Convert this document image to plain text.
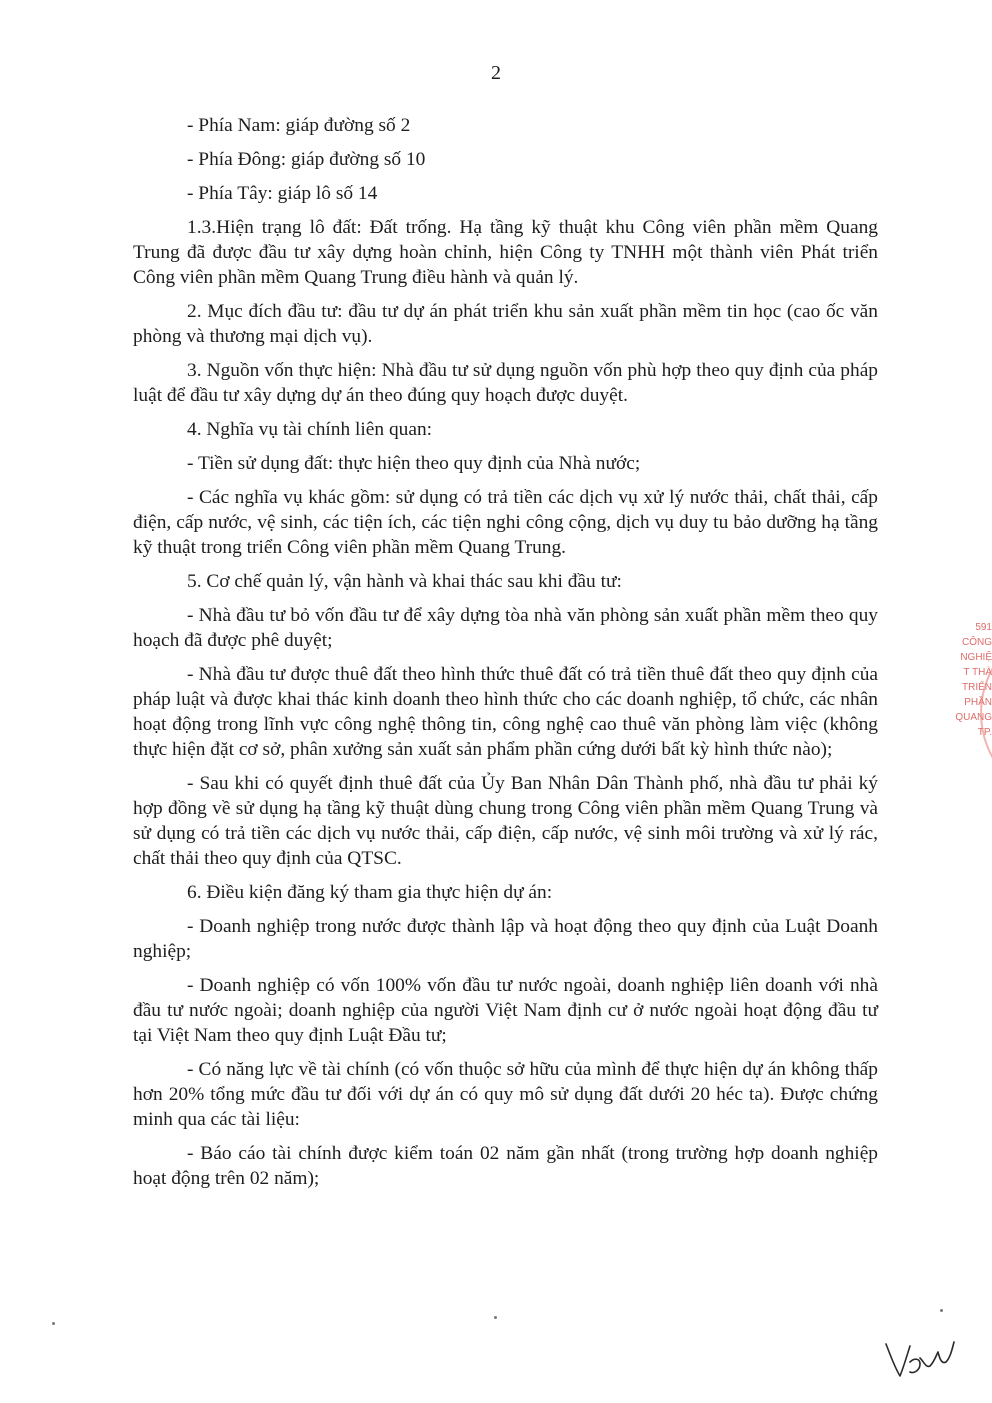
2

- Phía Nam: giáp đường số 2

- Phía Đông: giáp đường số 10

- Phía Tây: giáp lô số 14

1.3.Hiện trạng lô đất: Đất trống. Hạ tầng kỹ thuật khu Công viên phần mềm Quang Trung đã được đầu tư xây dựng hoàn chỉnh, hiện Công ty TNHH một thành viên Phát triển Công viên phần mềm Quang Trung điều hành và quản lý.

2. Mục đích đầu tư: đầu tư dự án phát triển khu sản xuất phần mềm tin học (cao ốc văn phòng và thương mại dịch vụ).

3. Nguồn vốn thực hiện: Nhà đầu tư sử dụng nguồn vốn phù hợp theo quy định của pháp luật để đầu tư xây dựng dự án theo đúng quy hoạch được duyệt.

4. Nghĩa vụ tài chính liên quan:

- Tiền sử dụng đất: thực hiện theo quy định của Nhà nước;

- Các nghĩa vụ khác gồm: sử dụng có trả tiền các dịch vụ xử lý nước thải, chất thải, cấp điện, cấp nước, vệ sinh, các tiện ích, các tiện nghi công cộng, dịch vụ duy tu bảo dưỡng hạ tầng kỹ thuật trong triển Công viên phần mềm Quang Trung.

5. Cơ chế quản lý, vận hành và khai thác sau khi đầu tư:

- Nhà đầu tư bỏ vốn đầu tư để xây dựng tòa nhà văn phòng sản xuất phần mềm theo quy hoạch đã được phê duyệt;

- Nhà đầu tư được thuê đất theo hình thức thuê đất có trả tiền thuê đất theo quy định của pháp luật và được khai thác kinh doanh theo hình thức cho các doanh nghiệp, tổ chức, các nhân hoạt động trong lĩnh vực công nghệ thông tin, công nghệ cao thuê văn phòng làm việc (không thực hiện đặt cơ sở, phân xưởng sản xuất sản phẩm phần cứng dưới bất kỳ hình thức nào);

- Sau khi có quyết định thuê đất của Ủy Ban Nhân Dân Thành phố, nhà đầu tư phải ký hợp đồng về sử dụng hạ tầng kỹ thuật dùng chung trong Công viên phần mềm Quang Trung và sử dụng có trả tiền các dịch vụ nước thải, cấp điện, cấp nước, vệ sinh môi trường và xử lý rác, chất thải theo quy định của QTSC.

6. Điều kiện đăng ký tham gia thực hiện dự án:

- Doanh nghiệp trong nước được thành lập và hoạt động theo quy định của Luật Doanh nghiệp;

- Doanh nghiệp có vốn 100% vốn đầu tư nước ngoài, doanh nghiệp liên doanh với nhà đầu tư nước ngoài; doanh nghiệp của người Việt Nam định cư ở nước ngoài hoạt động đầu tư tại Việt Nam theo quy định Luật Đầu tư;

- Có năng lực về tài chính (có vốn thuộc sở hữu của mình để thực hiện dự án không thấp hơn 20% tổng mức đầu tư đối với dự án có quy mô sử dụng đất dưới 20 héc ta). Được chứng minh qua các tài liệu:

- Báo cáo tài chính được kiểm toán 02 năm gần nhất (trong trường hợp doanh nghiệp hoạt động trên 02 năm);

591
CÔNG
NGHIỆ
T THÀ
TRIỂN
PHẦN
QUANG
TP.
